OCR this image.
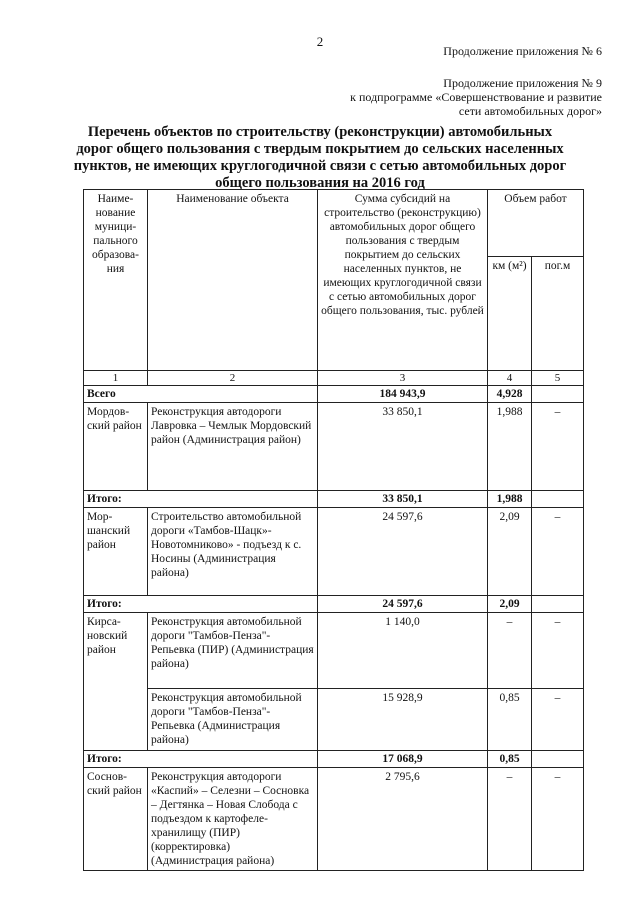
2
Продолжение приложения № 6
Продолжение приложения № 9
к подпрограмме «Совершенствование и развитие
сети автомобильных дорог»
Перечень объектов по строительству (реконструкции) автомобильных дорог общего пользования с твердым покрытием до сельских населенных пунктов, не имеющих круглогодичной связи с сетью автомобильных дорог общего пользования на 2016 год
Наиме-нование муници-пального образова-ния	Наименование объекта	Сумма субсидий на строительство (реконструкцию) автомобильных дорог общего пользования с твердым покрытием до сельских населенных пунктов, не имеющих круглогодичной связи с сетью автомобильных дорог общего пользования, тыс. рублей	Объем работ	
			км (м²)	пог.м
1	2	3	4	5
Всего		184 943,9	4,928	
Мордов-ский район	Реконструкция автодороги Лавровка – Чемлык Мордовский район (Администрация район)	33 850,1	1,988	–
Итого:		33 850,1	1,988	
Мор-шанский район	Строительство автомобильной дороги «Тамбов-Шацк»-Новотомниково» - подъезд к с. Носины (Администрация района)	24 597,6	2,09	–
Итого:		24 597,6	2,09	
Кирса-новский район	Реконструкция автомобильной дороги "Тамбов-Пенза"-Репьевка (ПИР) (Администрация района)	1 140,0	–	–
	Реконструкция автомобильной дороги "Тамбов-Пенза"-Репьевка (Администрация района)	15 928,9	0,85	–
Итого:		17 068,9	0,85	
Соснов-ский район	Реконструкция автодороги «Каспий» – Селезни – Сосновка – Дегтянка – Новая Слобода с подъездом к картофеле-хранилищу (ПИР) (корректировка) (Администрация района)	2 795,6	–	–
